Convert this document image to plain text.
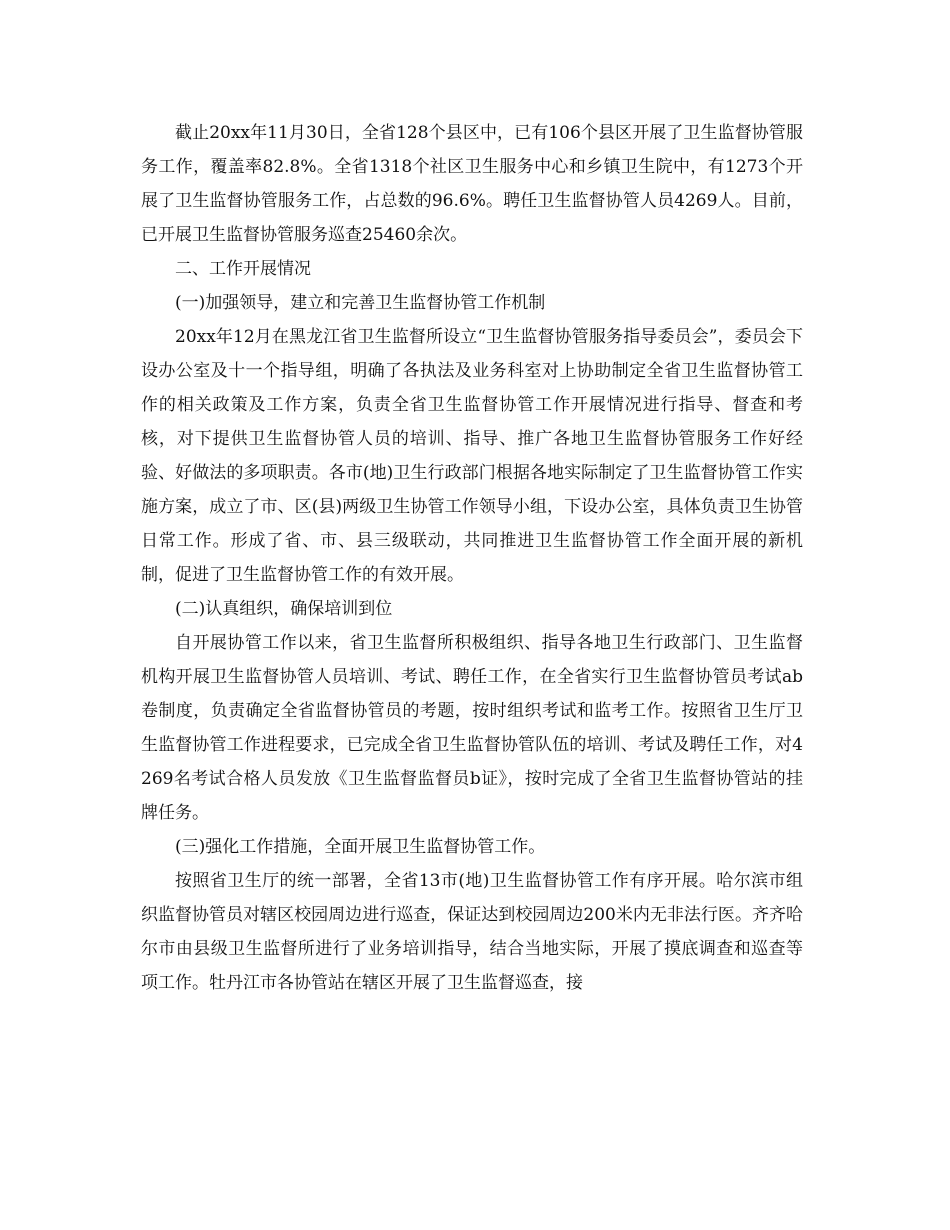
截止20xx年11月30日，全省128个县区中，已有106个县区开展了卫生监督协管服务工作，覆盖率82.8%。全省1318个社区卫生服务中心和乡镇卫生院中，有1273个开展了卫生监督协管服务工作，占总数的96.6%。聘任卫生监督协管人员4269人。目前，已开展卫生监督协管服务巡查25460余次。

二、工作开展情况

(一)加强领导，建立和完善卫生监督协管工作机制

20xx年12月在黑龙江省卫生监督所设立“卫生监督协管服务指导委员会”，委员会下设办公室及十一个指导组，明确了各执法及业务科室对上协助制定全省卫生监督协管工作的相关政策及工作方案，负责全省卫生监督协管工作开展情况进行指导、督查和考核，对下提供卫生监督协管人员的培训、指导、推广各地卫生监督协管服务工作好经验、好做法的多项职责。各市(地)卫生行政部门根据各地实际制定了卫生监督协管工作实施方案，成立了市、区(县)两级卫生协管工作领导小组，下设办公室，具体负责卫生协管日常工作。形成了省、市、县三级联动，共同推进卫生监督协管工作全面开展的新机制，促进了卫生监督协管工作的有效开展。

(二)认真组织，确保培训到位

自开展协管工作以来，省卫生监督所积极组织、指导各地卫生行政部门、卫生监督机构开展卫生监督协管人员培训、考试、聘任工作，在全省实行卫生监督协管员考试ab卷制度，负责确定全省监督协管员的考题，按时组织考试和监考工作。按照省卫生厅卫生监督协管工作进程要求，已完成全省卫生监督协管队伍的培训、考试及聘任工作，对4269名考试合格人员发放《卫生监督监督员b证》，按时完成了全省卫生监督协管站的挂牌任务。

(三)强化工作措施，全面开展卫生监督协管工作。

按照省卫生厅的统一部署，全省13市(地)卫生监督协管工作有序开展。哈尔滨市组织监督协管员对辖区校园周边进行巡查，保证达到校园周边200米内无非法行医。齐齐哈尔市由县级卫生监督所进行了业务培训指导，结合当地实际，开展了摸底调查和巡查等项工作。牡丹江市各协管站在辖区开展了卫生监督巡查，接
